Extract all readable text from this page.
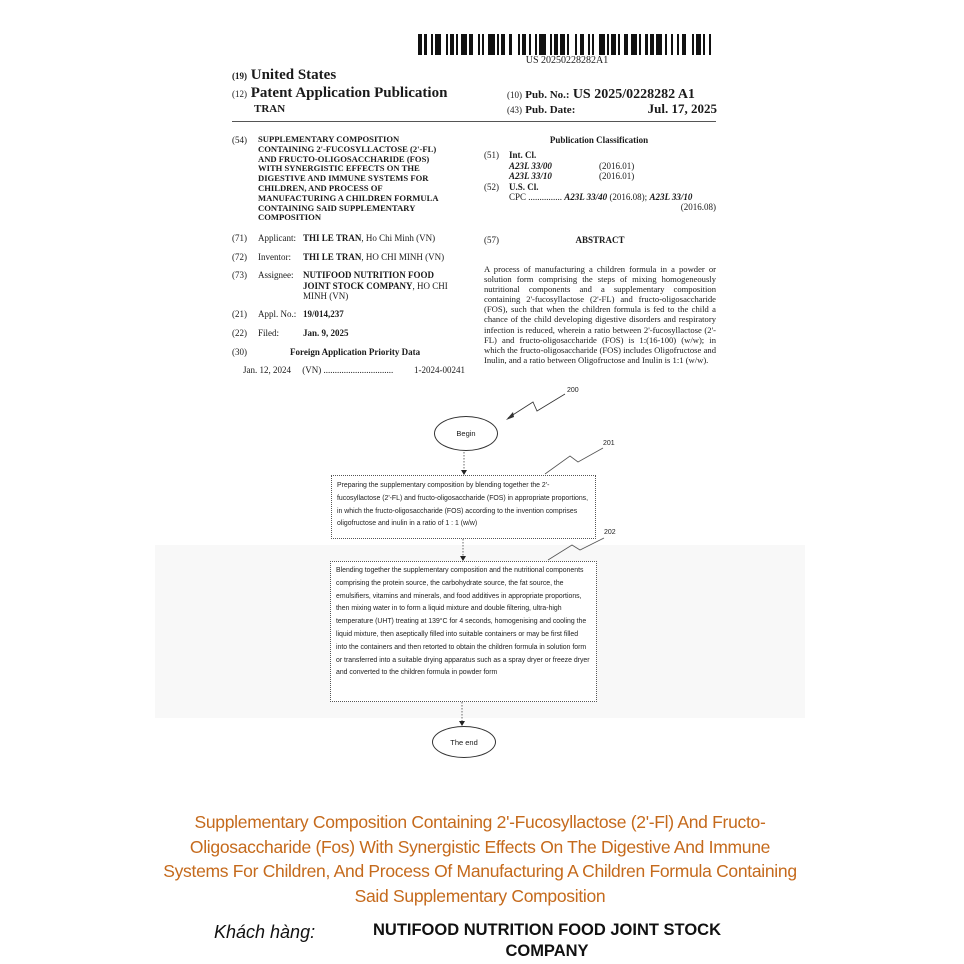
US 20250228282A1
(19) United States
(12) Patent Application Publication
TRAN
(10) Pub. No.: US 2025/0228282 A1
(43) Pub. Date:	Jul. 17, 2025
(54) SUPPLEMENTARY COMPOSITION
CONTAINING 2'-FUCOSYLLACTOSE (2'-FL)
AND FRUCTO-OLIGOSACCHARIDE (FOS)
WITH SYNERGISTIC EFFECTS ON THE
DIGESTIVE AND IMMUNE SYSTEMS FOR
CHILDREN, AND PROCESS OF
MANUFACTURING A CHILDREN FORMULA
CONTAINING SAID SUPPLEMENTARY
COMPOSITION
(71) Applicant: THI LE TRAN, Ho Chi Minh (VN)
(72) Inventor: THI LE TRAN, HO CHI MINH (VN)
(73) Assignee: NUTIFOOD NUTRITION FOOD
JOINT STOCK COMPANY, HO CHI
MINH (VN)
(21) Appl. No.: 19/014,237
(22) Filed:	Jan. 9, 2025
(30)	Foreign Application Priority Data
Jan. 12, 2024 (VN) ............................... 1-2024-00241
Publication Classification
(51) Int. Cl.
A23L 33/00	(2016.01)
A23L 33/10	(2016.01)
(52) U.S. Cl.
CPC ............... A23L 33/40 (2016.08); A23L 33/10
(2016.08)
(57)	ABSTRACT
A process of manufacturing a children formula in a powder or solution form comprising the steps of mixing homogeneously nutritional components and a supplementary composition containing 2'-fucosyllactose (2'-FL) and fructo-oligosaccharide (FOS), such that when the children formula is fed to the child a chance of the child developing digestive disorders and respiratory infection is reduced, wherein a ratio between 2'-fucosyllactose (2'-FL) and fructo-oligosaccharide (FOS) is 1:(16-100) (w/w); in which the fructo-oligosaccharide (FOS) includes Oligofructose and Inulin, and a ratio between Oligofructose and Inulin is 1:1 (w/w).
200
201
202
Begin
Preparing the supplementary composition by blending together the 2'-fucosyllactose (2'-FL) and fructo-oligosaccharide (FOS) in appropriate proportions, in which the fructo-oligosaccharide (FOS) according to the invention comprises oligofructose and inulin in a ratio of 1 : 1 (w/w)
Blending together the supplementary composition and the nutritional components comprising the protein source, the carbohydrate source, the fat source, the emulsifiers, vitamins and minerals, and food additives in appropriate proportions, then mixing water in to form a liquid mixture and double filtering, ultra-high temperature (UHT) treating at 139°C for 4 seconds, homogenising and cooling the liquid mixture, then aseptically filled into suitable containers or may be first filled into the containers and then retorted to obtain the children formula in solution form or transferred into a suitable drying apparatus such as a spray dryer or freeze dryer and converted to the children formula in powder form
The end
Supplementary Composition Containing 2'-Fucosyllactose (2'-Fl) And Fructo-Oligosaccharide (Fos) With Synergistic Effects On The Digestive And Immune Systems For Children, And Process Of Manufacturing A Children Formula Containing Said Supplementary Composition
Khách hàng:	NUTIFOOD NUTRITION FOOD JOINT STOCK COMPANY
